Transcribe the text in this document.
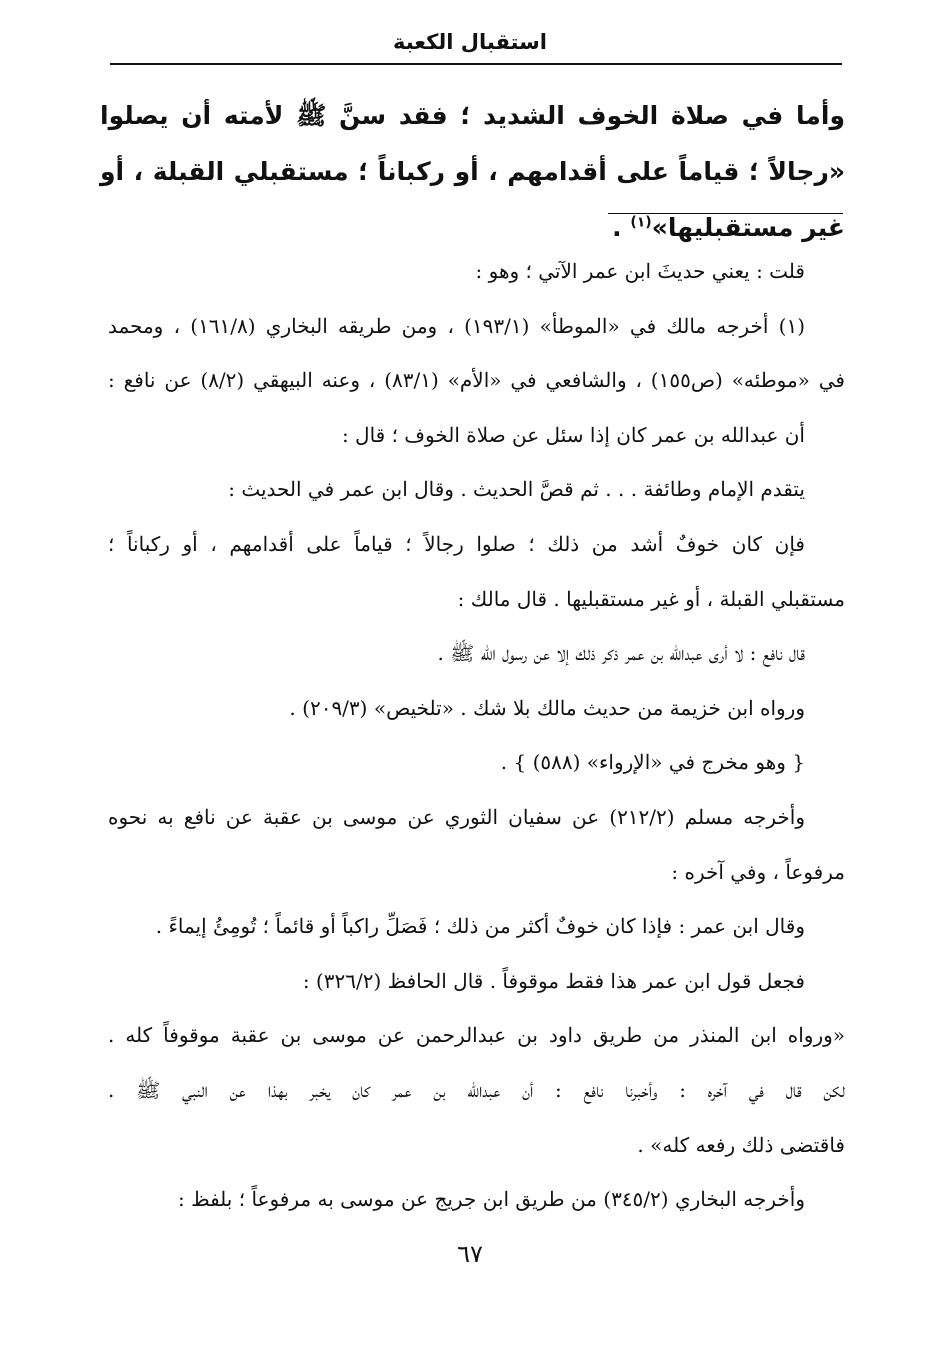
استقبال الكعبة
وأما في صلاة الخوف الشديد ؛ فقد سنَّ ﷺ لأمته أن يصلوا «رجالاً ؛ قياماً على أقدامهم ، أو ركباناً ؛ مستقبلي القبلة ، أو غير مستقبليها»$^{(١)}$ .
قلت : يعني حديثَ ابن عمر الآتي ؛ وهو :
(١) أخرجه مالك في «الموطأ» (١٩٣/١) ، ومن طريقه البخاري (١٦١/٨) ، ومحمد
في «موطئه» (ص١٥٥) ، والشافعي في «الأم» (٨٣/١) ، وعنه البيهقي (٨/٢) عن نافع :
أن عبدالله بن عمر كان إذا سئل عن صلاة الخوف ؛ قال :
يتقدم الإمام وطائفة . . . ثم قصَّ الحديث . وقال ابن عمر في الحديث :
فإن كان خوفٌ أشد من ذلك ؛ صلوا رجالاً ؛ قياماً على أقدامهم ، أو ركباناً ؛
مستقبلي القبلة ، أو غير مستقبليها . قال مالك :
قال نافع : لا أرى عبدالله بن عمر ذكر ذلك إلا عن رسول الله ﷺ .
ورواه ابن خزيمة من حديث مالك بلا شك . «تلخيص» (٢٠٩/٣) .
{ وهو مخرج في «الإرواء» (٥٨٨) } .
وأخرجه مسلم (٢١٢/٢) عن سفيان الثوري عن موسى بن عقبة عن نافع به نحوه
مرفوعاً ، وفي آخره :
وقال ابن عمر : فإذا كان خوفٌ أكثر من ذلك ؛ فَصَلِّ راكباً أو قائماً ؛ تُومِئُ إيماءً .
فجعل قول ابن عمر هذا فقط موقوفاً . قال الحافظ (٣٢٦/٢) :
«ورواه ابن المنذر من طريق داود بن عبدالرحمن عن موسى بن عقبة موقوفاً كله .
لكن قال في آخره : وأخبرنا نافع : أن عبدالله بن عمر كان يخبر بهذا عن النبي ﷺ .
فاقتضى ذلك رفعه كله» .
وأخرجه البخاري (٣٤٥/٢) من طريق ابن جريج عن موسى به مرفوعاً ؛ بلفظ :
٦٧
